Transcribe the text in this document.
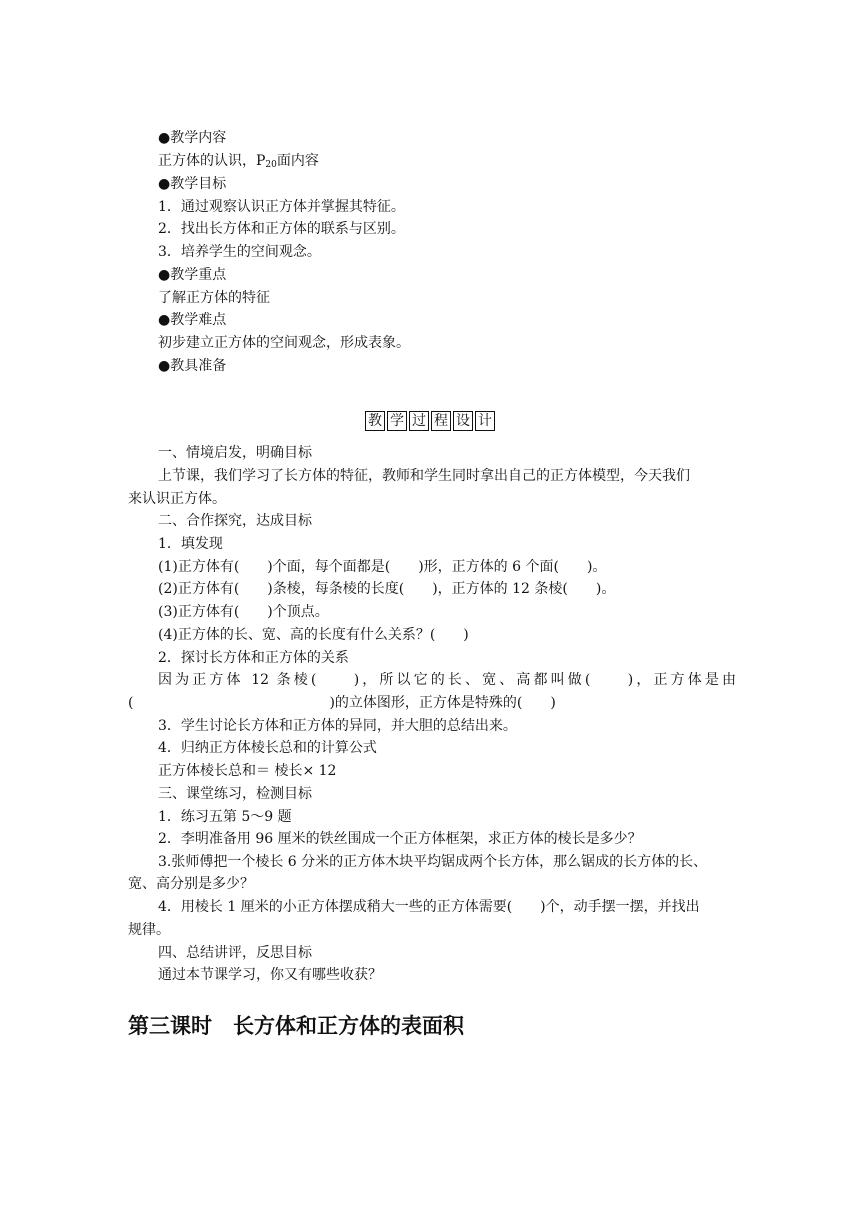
●教学内容
正方体的认识，$P_{20}$面内容
●教学目标
1．通过观察认识正方体并掌握其特征。
2．找出长方体和正方体的联系与区别。
3．培养学生的空间观念。
●教学重点
了解正方体的特征
●教学难点
初步建立正方体的空间观念，形成表象。
●教具准备
教 学 过 程 设 计
一、情境启发，明确目标
上节课，我们学习了长方体的特征，教师和学生同时拿出自己的正方体模型，今天我们
来认识正方体。
二、合作探究，达成目标
1．填发现
(1)正方体有(　　)个面，每个面都是(　　)形，正方体的 6 个面(　　)。
(2)正方体有(　　)条棱，每条棱的长度(　　)，正方体的 12 条棱(　　)。
(3)正方体有(　　)个顶点。
(4)正方体的长、宽、高的长度有什么关系？(　　)
2．探讨长方体和正方体的关系
因为正方体 12 条棱(　　)，所以它的长、宽、高都叫做(　　)，正方体是由
(　　　　　　　　　　　　　　)的立体图形，正方体是特殊的(　　)
3．学生讨论长方体和正方体的异同，并大胆的总结出来。
4．归纳正方体棱长总和的计算公式
正方体棱长总和＝ 棱长× 12
三、课堂练习，检测目标
1．练习五第 5～9 题
2．李明准备用 96 厘米的铁丝围成一个正方体框架，求正方体的棱长是多少？
3.张师傅把一个棱长 6 分米的正方体木块平均锯成两个长方体，那么锯成的长方体的长、
宽、高分别是多少？
4．用棱长 1 厘米的小正方体摆成稍大一些的正方体需要(　　)个，动手摆一摆，并找出
规律。
四、总结讲评，反思目标
通过本节课学习，你又有哪些收获？
第三课时　长方体和正方体的表面积
